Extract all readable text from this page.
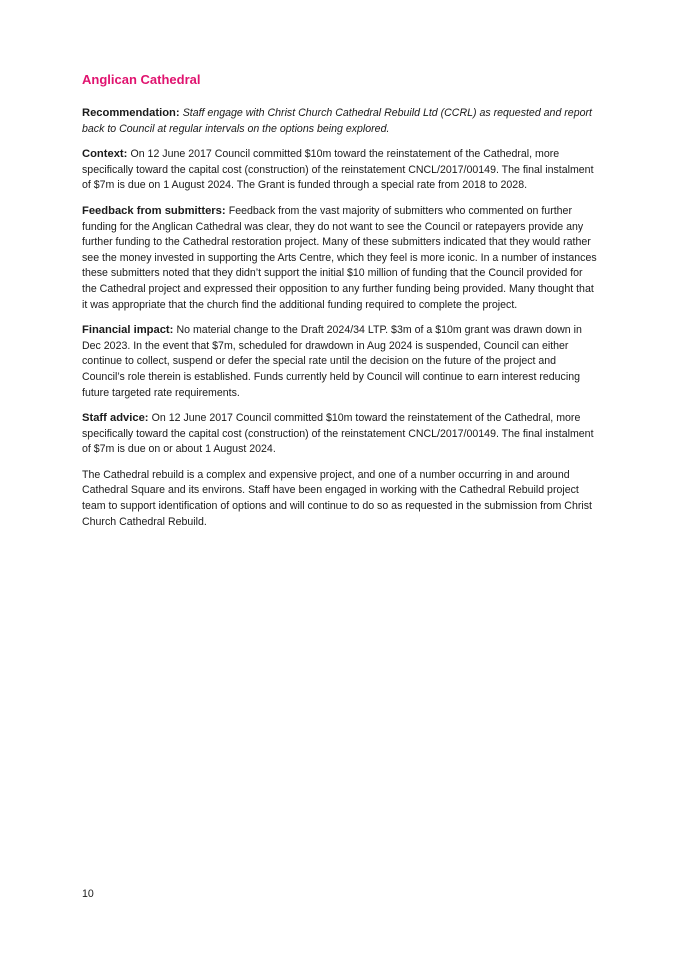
Anglican Cathedral

Recommendation: Staff engage with Christ Church Cathedral Rebuild Ltd (CCRL) as requested and report back to Council at regular intervals on the options being explored.

Context: On 12 June 2017 Council committed $10m toward the reinstatement of the Cathedral, more specifically toward the capital cost (construction) of the reinstatement CNCL/2017/00149. The final instalment of $7m is due on 1 August 2024. The Grant is funded through a special rate from 2018 to 2028.

Feedback from submitters: Feedback from the vast majority of submitters who commented on further funding for the Anglican Cathedral was clear, they do not want to see the Council or ratepayers provide any further funding to the Cathedral restoration project. Many of these submitters indicated that they would rather see the money invested in supporting the Arts Centre, which they feel is more iconic. In a number of instances these submitters noted that they didn’t support the initial $10 million of funding that the Council provided for the Cathedral project and expressed their opposition to any further funding being provided. Many thought that it was appropriate that the church find the additional funding required to complete the project.

Financial impact: No material change to the Draft 2024/34 LTP. $3m of a $10m grant was drawn down in Dec 2023. In the event that $7m, scheduled for drawdown in Aug 2024 is suspended, Council can either continue to collect, suspend or defer the special rate until the decision on the future of the project and Council’s role therein is established. Funds currently held by Council will continue to earn interest reducing future targeted rate requirements.

Staff advice: On 12 June 2017 Council committed $10m toward the reinstatement of the Cathedral, more specifically toward the capital cost (construction) of the reinstatement CNCL/2017/00149. The final instalment of $7m is due on or about 1 August 2024.

The Cathedral rebuild is a complex and expensive project, and one of a number occurring in and around Cathedral Square and its environs. Staff have been engaged in working with the Cathedral Rebuild project team to support identification of options and will continue to do so as requested in the submission from Christ Church Cathedral Rebuild.

10
